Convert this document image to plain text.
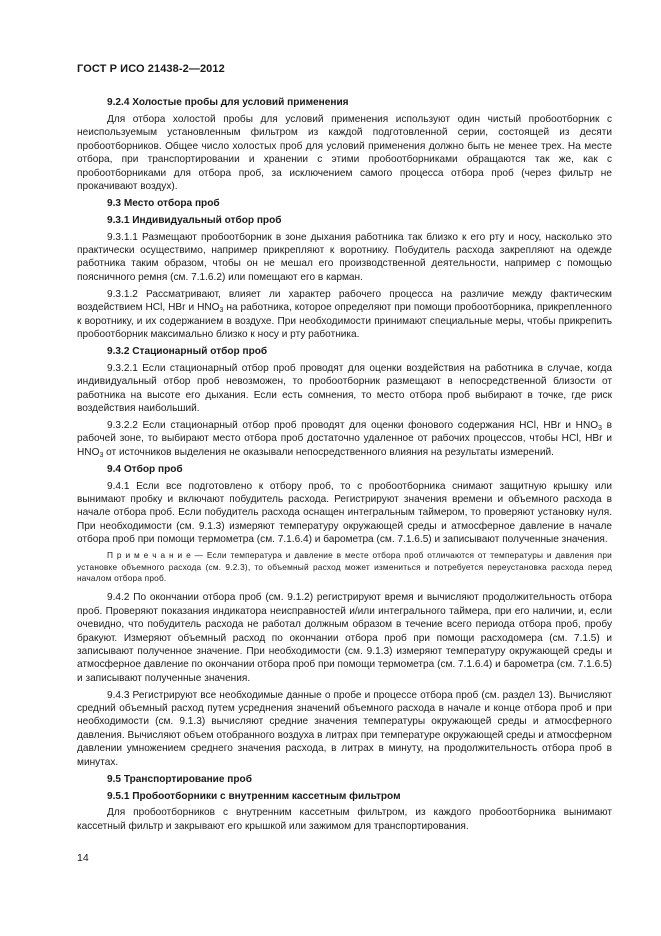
ГОСТ Р ИСО 21438-2—2012
9.2.4 Холостые пробы для условий применения
Для отбора холостой пробы для условий применения используют один чистый пробоотборник с неиспользуемым установленным фильтром из каждой подготовленной серии, состоящей из десяти пробоотборников. Общее число холостых проб для условий применения должно быть не менее трех. На месте отбора, при транспортировании и хранении с этими пробоотборниками обращаются так же, как с пробоотборниками для отбора проб, за исключением самого процесса отбора проб (через фильтр не прокачивают воздух).
9.3 Место отбора проб
9.3.1 Индивидуальный отбор проб
9.3.1.1 Размещают пробоотборник в зоне дыхания работника так близко к его рту и носу, насколько это практически осуществимо, например прикрепляют к воротнику. Побудитель расхода закрепляют на одежде работника таким образом, чтобы он не мешал его производственной деятельности, например с помощью поясничного ремня (см. 7.1.6.2) или помещают его в карман.
9.3.1.2 Рассматривают, влияет ли характер рабочего процесса на различие между фактическим воздействием HCl, HBr и $HNO_3$ на работника, которое определяют при помощи пробоотборника, прикрепленного к воротнику, и их содержанием в воздухе. При необходимости принимают специальные меры, чтобы прикрепить пробоотборник максимально близко к носу и рту работника.
9.3.2 Стационарный отбор проб
9.3.2.1 Если стационарный отбор проб проводят для оценки воздействия на работника в случае, когда индивидуальный отбор проб невозможен, то пробоотборник размещают в непосредственной близости от работника на высоте его дыхания. Если есть сомнения, то место отбора проб выбирают в точке, где риск воздействия наибольший.
9.3.2.2 Если стационарный отбор проб проводят для оценки фонового содержания HCl, HBr и $HNO_3$ в рабочей зоне, то выбирают место отбора проб достаточно удаленное от рабочих процессов, чтобы HCl, HBr и $HNO_3$ от источников выделения не оказывали непосредственного влияния на результаты измерений.
9.4 Отбор проб
9.4.1 Если все подготовлено к отбору проб, то с пробоотборника снимают защитную крышку или вынимают пробку и включают побудитель расхода. Регистрируют значения времени и объемного расхода в начале отбора проб. Если побудитель расхода оснащен интегральным таймером, то проверяют установку нуля. При необходимости (см. 9.1.3) измеряют температуру окружающей среды и атмосферное давление в начале отбора проб при помощи термометра (см. 7.1.6.4) и барометра (см. 7.1.6.5) и записывают полученные значения.
П р и м е ч а н и е — Если температура и давление в месте отбора проб отличаются от температуры и давления при установке объемного расхода (см. 9.2.3), то объемный расход может измениться и потребуется переустановка расхода перед началом отбора проб.
9.4.2 По окончании отбора проб (см. 9.1.2) регистрируют время и вычисляют продолжительность отбора проб. Проверяют показания индикатора неисправностей и/или интегрального таймера, при его наличии, и, если очевидно, что побудитель расхода не работал должным образом в течение всего периода отбора проб, пробу бракуют. Измеряют объемный расход по окончании отбора проб при помощи расходомера (см. 7.1.5) и записывают полученное значение. При необходимости (см. 9.1.3) измеряют температуру окружающей среды и атмосферное давление по окончании отбора проб при помощи термометра (см. 7.1.6.4) и барометра (см. 7.1.6.5) и записывают полученные значения.
9.4.3 Регистрируют все необходимые данные о пробе и процессе отбора проб (см. раздел 13). Вычисляют средний объемный расход путем усреднения значений объемного расхода в начале и конце отбора проб и при необходимости (см. 9.1.3) вычисляют средние значения температуры окружающей среды и атмосферного давления. Вычисляют объем отобранного воздуха в литрах при температуре окружающей среды и атмосферном давлении умножением среднего значения расхода, в литрах в минуту, на продолжительность отбора проб в минутах.
9.5 Транспортирование проб
9.5.1 Пробоотборники с внутренним кассетным фильтром
Для пробоотборников с внутренним кассетным фильтром, из каждого пробоотборника вынимают кассетный фильтр и закрывают его крышкой или зажимом для транспортирования.
14
